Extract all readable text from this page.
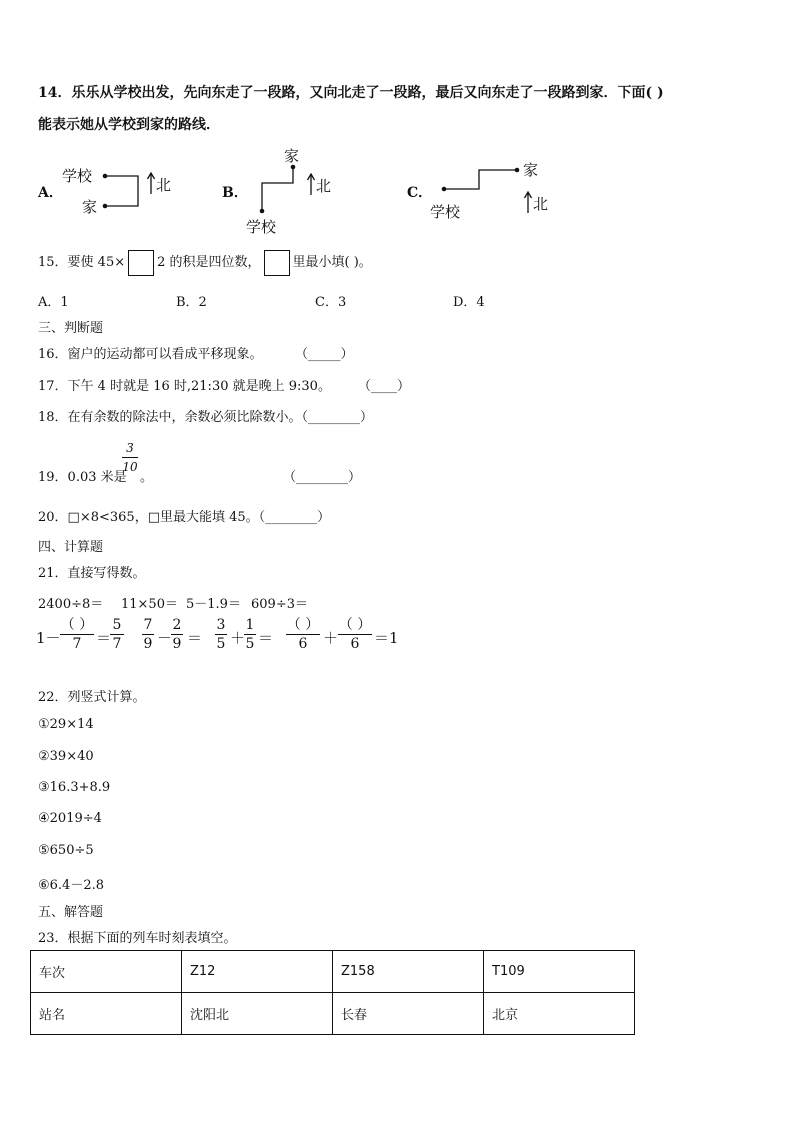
14．乐乐从学校出发，先向东走了一段路，又向北走了一段路，最后又向东走了一段路到家．下面( )
能表示她从学校到家的路线．
A．
学校
家
北	B．
家
北
学校
C．
家
学校	北
15．要使 45× 2 的积是四位数， 里最小填( )。
A．1	B．2	C．3	D．4
三、判断题
16．窗户的运动都可以看成平移现象。 （_____）
17．下午 4 时就是 16 时,21:30 就是晚上 9:30。 （____）
18．在有余数的除法中，余数必须比除数小。（________）
19．0.03 米是
3
10
。	（________）
20．□×8<365，□里最大能填 45。（________）
四、计算题
21．直接写得数。
2400÷8＝ 11×50＝ 5－1.9＝ 609÷3＝
1－
（ ）
7 ＝
5
7
7
9 －
2
9 ＝
3
5 ＋
1
5 ＝
（ ）
6	＋
（ ）
6 ＝1
22．列竖式计算。
①29×14
②39×40
③16.3+8.9
④2019÷4
⑤650÷5
⑥6.4－2.8
五、解答题
23．根据下面的列车时刻表填空。
车次	Z12	Z158	T109
站名	沈阳北	长春	北京
